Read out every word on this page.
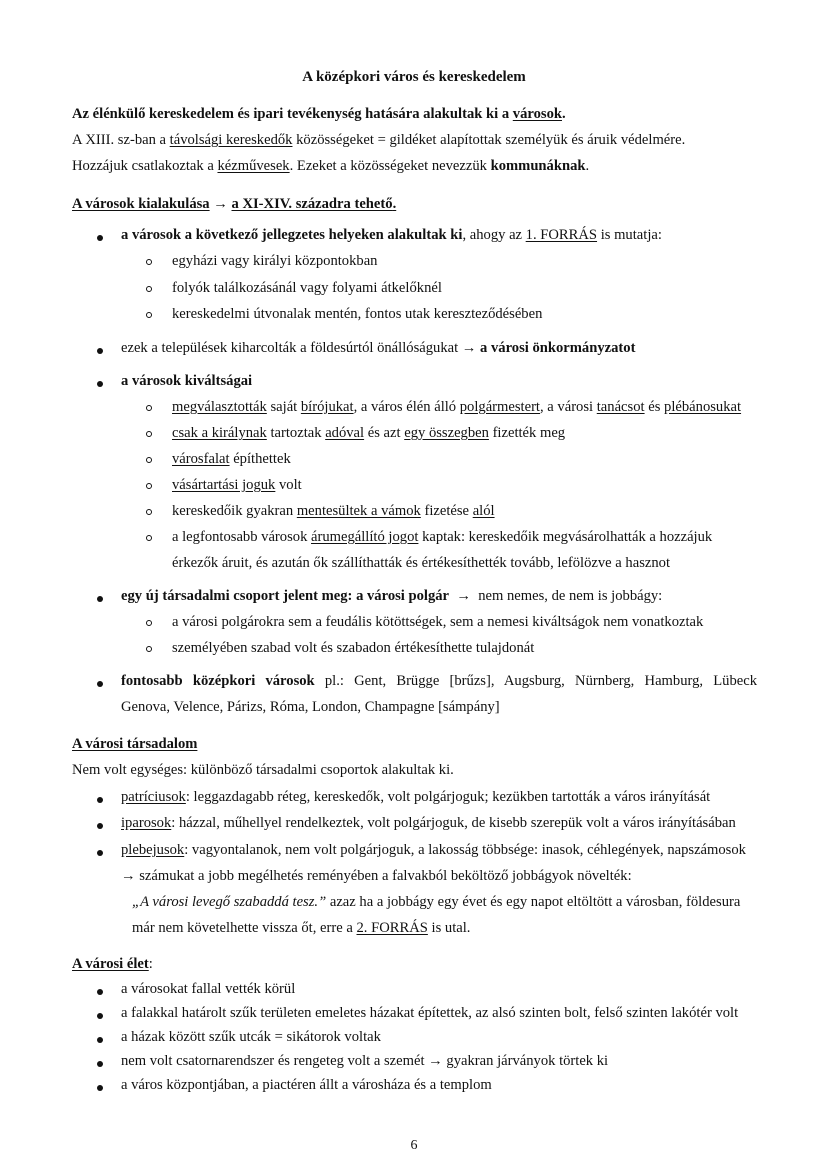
A középkori város és kereskedelem
Az élénkülő kereskedelem és ipari tevékenység hatására alakultak ki a városok.
A XIII. sz-ban a távolsági kereskedők közösségeket = gildéket alapítottak személyük és áruik védelmére.
Hozzájuk csatlakoztak a kézművesek. Ezeket a közösségeket nevezzük kommunáknak.
A városok kialakulása → a XI-XIV. századra tehető.
a városok a következő jellegzetes helyeken alakultak ki, ahogy az 1. FORRÁS is mutatja:
egyházi vagy királyi központokban
folyók találkozásánál vagy folyami átkelőknél
kereskedelmi útvonalak mentén, fontos utak kereszteződésében
ezek a települések kiharcolták a földesúrtól önállóságukat → a városi önkormányzatot
a városok kiváltságai
megválasztották saját bírójukat, a város élén álló polgármestert, a városi tanácsot és plébánosukat
csak a királynak tartoztak adóval és azt egy összegben fizették meg
városfalat építhettek
vásártartási joguk volt
kereskedőik gyakran mentesültek a vámok fizetése alól
a legfontosabb városok árumegállító jogot kaptak: kereskedőik megvásárolhatták a hozzájuk
érkezők áruit, és azután ők szállíthatták és értékesíthették tovább, lefölözve a hasznot
egy új társadalmi csoport jelent meg: a városi polgár → nem nemes, de nem is jobbágy:
a városi polgárokra sem a feudális kötöttségek, sem a nemesi kiváltságok nem vonatkoztak
személyében szabad volt és szabadon értékesíthette tulajdonát
fontosabb középkori városok pl.: Gent, Brügge [brűzs], Augsburg, Nürnberg, Hamburg, Lübeck
Genova, Velence, Párizs, Róma, London, Champagne [sámpány]
A városi társadalom
Nem volt egységes: különböző társadalmi csoportok alakultak ki.
patríciusok: leggazdagabb réteg, kereskedők, volt polgárjoguk; kezükben tartották a város irányítását
iparosok: házzal, műhellyel rendelkeztek, volt polgárjoguk, de kisebb szerepük volt a város irányításában
plebejusok: vagyontalanok, nem volt polgárjoguk, a lakosság többsége: inasok, céhlegények, napszámosok
→ számukat a jobb megélhetés reményében a falvakból beköltöző jobbágyok növelték:
„A városi levegő szabaddá tesz.” azaz ha a jobbágy egy évet és egy napot eltöltött a városban, földesura
már nem követelhette vissza őt, erre a 2. FORRÁS is utal.
A városi élet:
a városokat fallal vették körül
a falakkal határolt szűk területen emeletes házakat építettek, az alsó szinten bolt, felső szinten lakótér volt
a házak között szűk utcák = sikátorok voltak
nem volt csatornarendszer és rengeteg volt a szemét → gyakran járványok törtek ki
a város központjában, a piactéren állt a városháza és a templom
6
